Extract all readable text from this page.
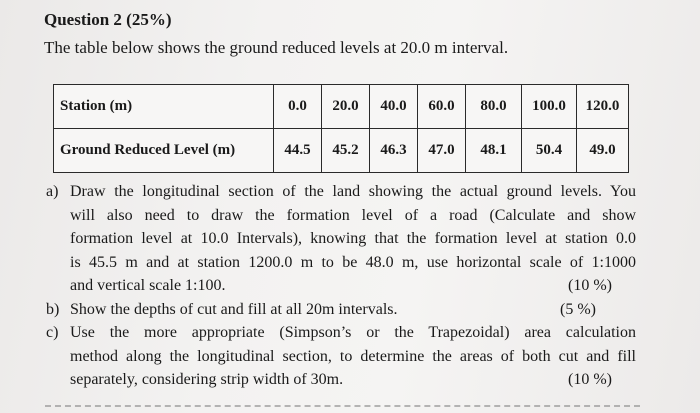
Question 2 (25%)
The table below shows the ground reduced levels at 20.0 m interval.
Station (m)	0.0	20.0	40.0	60.0	80.0	100.0	120.0
Ground Reduced Level (m)	44.5	45.2	46.3	47.0	48.1	50.4	49.0
a) Draw the longitudinal section of the land showing the actual ground levels. You
will also need to draw the formation level of a road (Calculate and show
formation level at 10.0 Intervals), knowing that the formation level at station 0.0
is 45.5 m and at station 1200.0 m to be 48.0 m, use horizontal scale of 1:1000
and vertical scale 1:100.	(10 %)
b) Show the depths of cut and fill at all 20m intervals.	(5 %)
c) Use the more appropriate (Simpson’s or the Trapezoidal) area calculation
method along the longitudinal section, to determine the areas of both cut and fill
separately, considering strip width of 30m.	(10 %)
